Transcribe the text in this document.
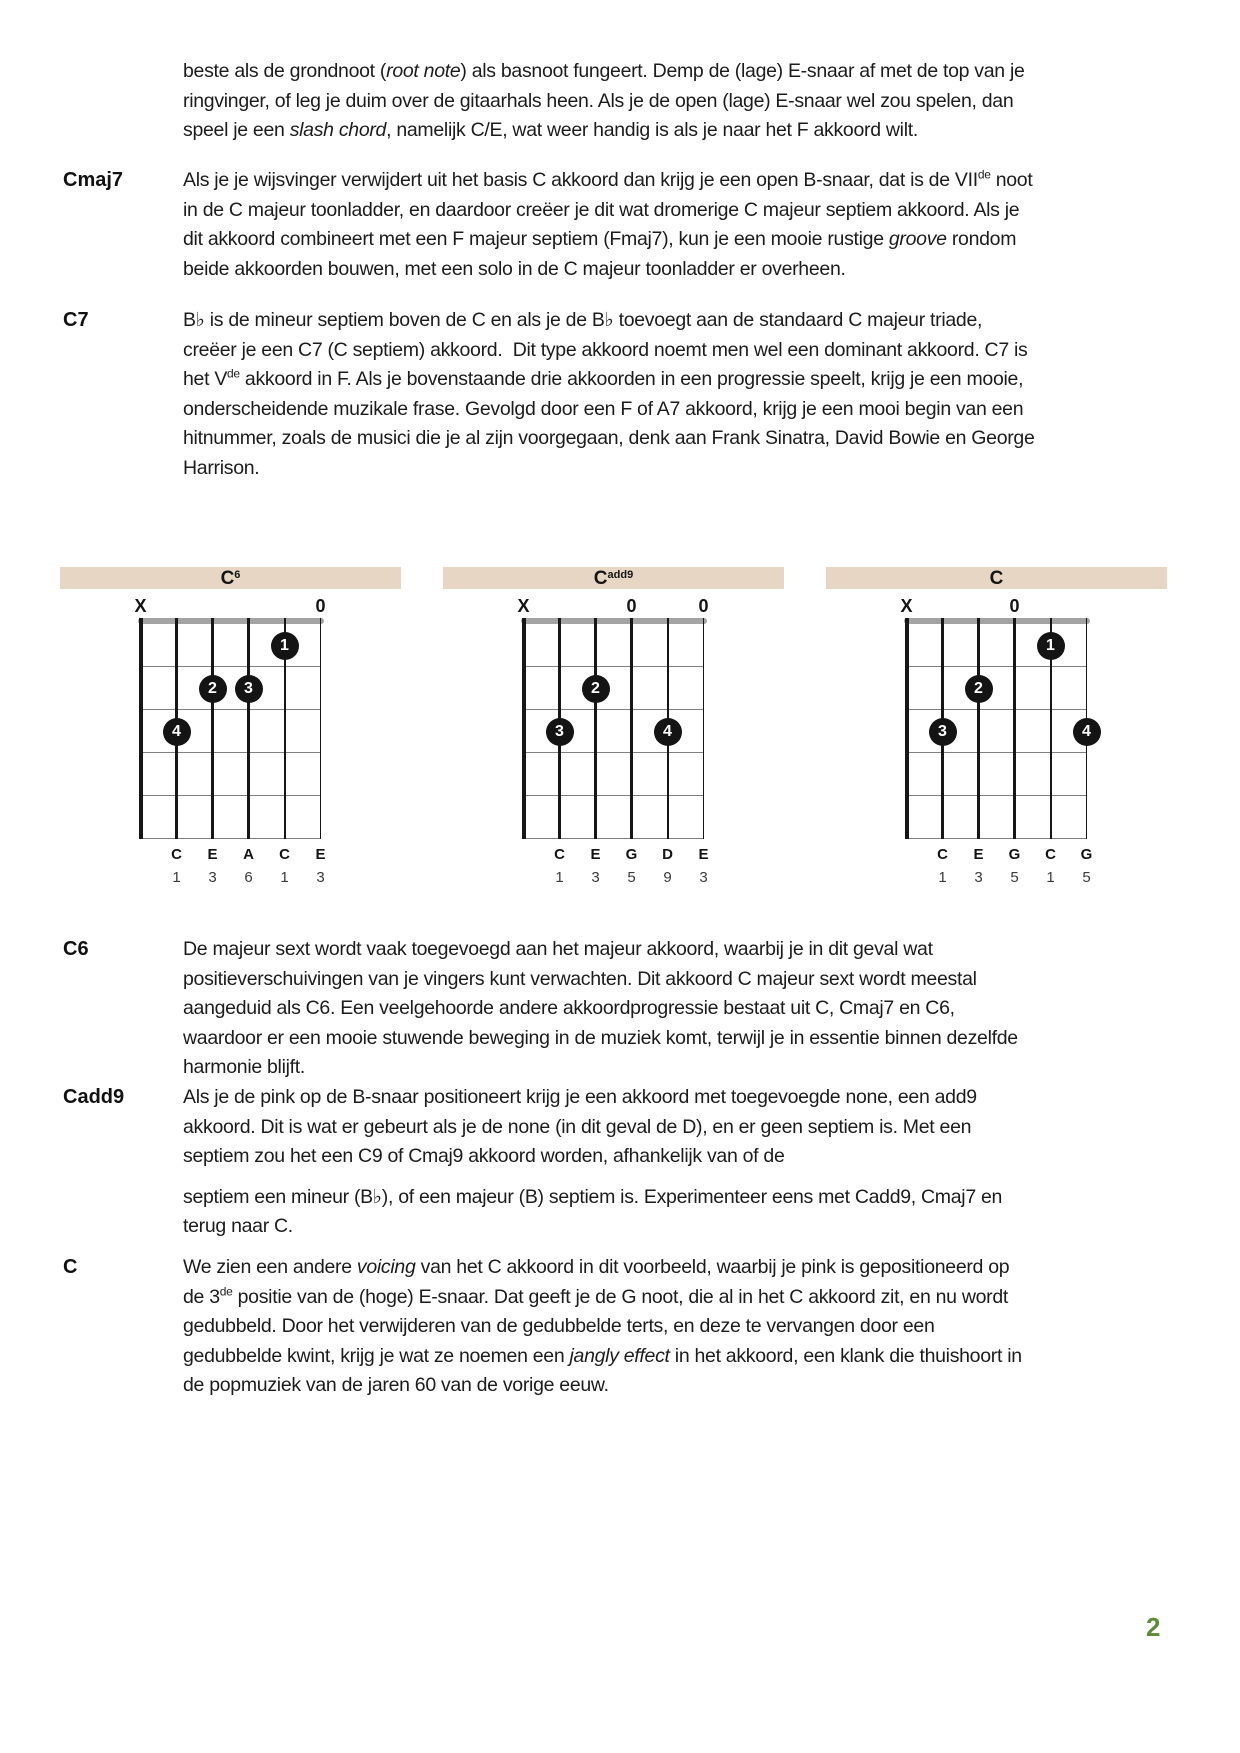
beste als de grondnoot (root note) als basnoot fungeert. Demp de (lage) E-snaar af met de top van je ringvinger, of leg je duim over de gitaarhals heen. Als je de open (lage) E-snaar wel zou spelen, dan speel je een slash chord, namelijk C/E, wat weer handig is als je naar het F akkoord wilt.
Cmaj7	Als je je wijsvinger verwijdert uit het basis C akkoord dan krijg je een open B-snaar, dat is de VIIde noot in de C majeur toonladder, en daardoor creëer je dit wat dromerige C majeur septiem akkoord. Als je dit akkoord combineert met een F majeur septiem (Fmaj7), kun je een mooie rustige groove rondom beide akkoorden bouwen, met een solo in de C majeur toonladder er overheen.
C7	B♭ is de mineur septiem boven de C en als je de B♭ toevoegt aan de standaard C majeur triade, creëer je een C7 (C septiem) akkoord.  Dit type akkoord noemt men wel een dominant akkoord. C7 is het Vde akkoord in F. Als je bovenstaande drie akkoorden in een progressie speelt, krijg je een mooie, onderscheidende muzikale frase. Gevolgd door een F of A7 akkoord, krijg je een mooi begin van een hitnummer, zoals de musici die je al zijn voorgegaan, denk aan Frank Sinatra, David Bowie en George Harrison.
$C^6$
X	0
1
2	3
4
C	E	A	C	E
1	3	6	1	3
$C^{add9}$
X	0	0
2
3	4
C	E	G	D	E
1	3	5	9	3
C
X	0
1
2
3	4
C	E	G	C	G
1	3	5	1	5
C6	De majeur sext wordt vaak toegevoegd aan het majeur akkoord, waarbij je in dit geval wat positieverschuivingen van je vingers kunt verwachten. Dit akkoord C majeur sext wordt meestal aangeduid als C6. Een veelgehoorde andere akkoordprogressie bestaat uit C, Cmaj7 en C6, waardoor er een mooie stuwende beweging in de muziek komt, terwijl je in essentie binnen dezelfde harmonie blijft.
Cadd9	Als je de pink op de B-snaar positioneert krijg je een akkoord met toegevoegde none, een add9 akkoord. Dit is wat er gebeurt als je de none (in dit geval de D), en er geen septiem is. Met een septiem zou het een C9 of Cmaj9 akkoord worden, afhankelijk van of de
septiem een mineur (B♭), of een majeur (B) septiem is. Experimenteer eens met Cadd9, Cmaj7 en terug naar C.
C	We zien een andere voicing van het C akkoord in dit voorbeeld, waarbij je pink is gepositioneerd op de 3de positie van de (hoge) E-snaar. Dat geeft je de G noot, die al in het C akkoord zit, en nu wordt gedubbeld. Door het verwijderen van de gedubbelde terts, en deze te vervangen door een gedubbelde kwint, krijg je wat ze noemen een jangly effect in het akkoord, een klank die thuishoort in de popmuziek van de jaren 60 van de vorige eeuw.
2
